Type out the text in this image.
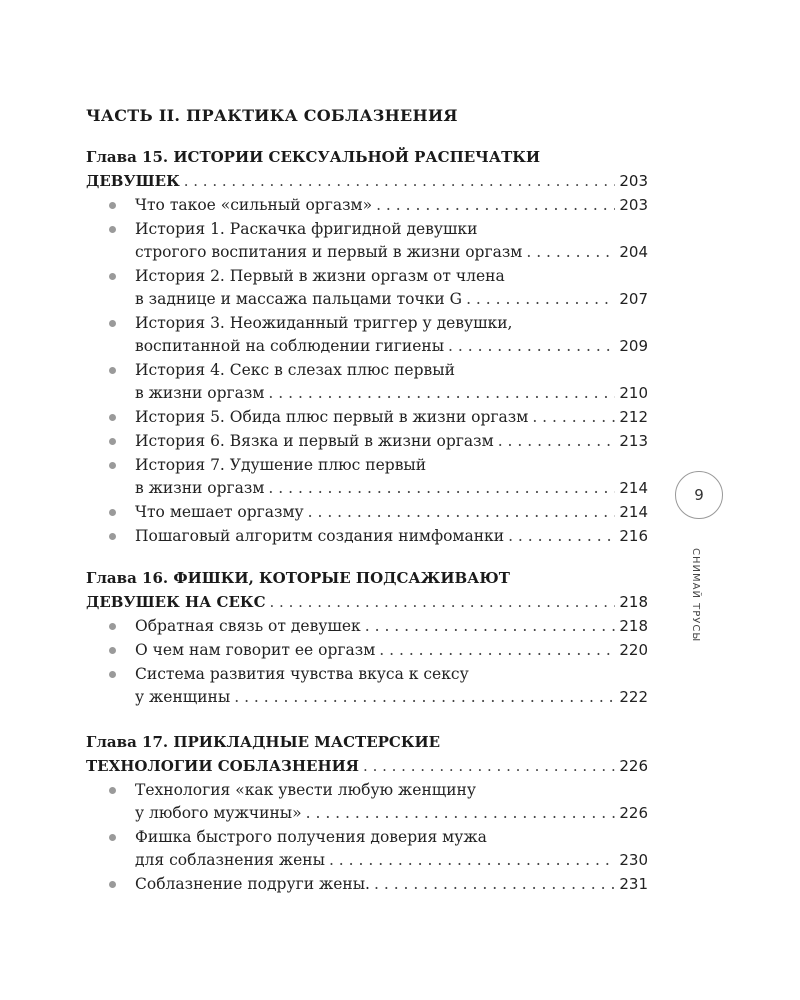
ЧАСТЬ II. ПРАКТИКА СОБЛАЗНЕНИЯ
Глава 15. ИСТОРИИ СЕКСУАЛЬНОЙ РАСПЕЧАТКИ
ДЕВУШЕК . . .	203
Что такое «сильный оргазм» . . .	203
История 1. Раскачка фригидной девушки
строгого воспитания и первый в жизни оргазм . . .	204
История 2. Первый в жизни оргазм от члена
в заднице и массажа пальцами точки G . . .	207
История 3. Неожиданный триггер у девушки,
воспитанной на соблюдении гигиены . . .	209
История 4. Секс в слезах плюс первый
в жизни оргазм . . .	210
История 5. Обида плюс первый в жизни оргазм . . .	212
История 6. Вязка и первый в жизни оргазм . . .	213
История 7. Удушение плюс первый
в жизни оргазм . . .	214
Что мешает оргазму . . .	214
Пошаговый алгоритм создания нимфоманки . . .	216
Глава 16. ФИШКИ, КОТОРЫЕ ПОДСАЖИВАЮТ
ДЕВУШЕК НА СЕКС . . .	218
Обратная связь от девушек . . .	218
О чем нам говорит ее оргазм . . .	220
Система развития чувства вкуса к сексу
у женщины . . .	222
Глава 17. ПРИКЛАДНЫЕ МАСТЕРСКИЕ
ТЕХНОЛОГИИ СОБЛАЗНЕНИЯ . . .	226
Технология «как увести любую женщину
у любого мужчины» . . .	226
Фишка быстрого получения доверия мужа
для соблазнения жены . . .	230
Соблазнение подруги жены. . . .	231
9
СНИМАЙ ТРУСЫ
